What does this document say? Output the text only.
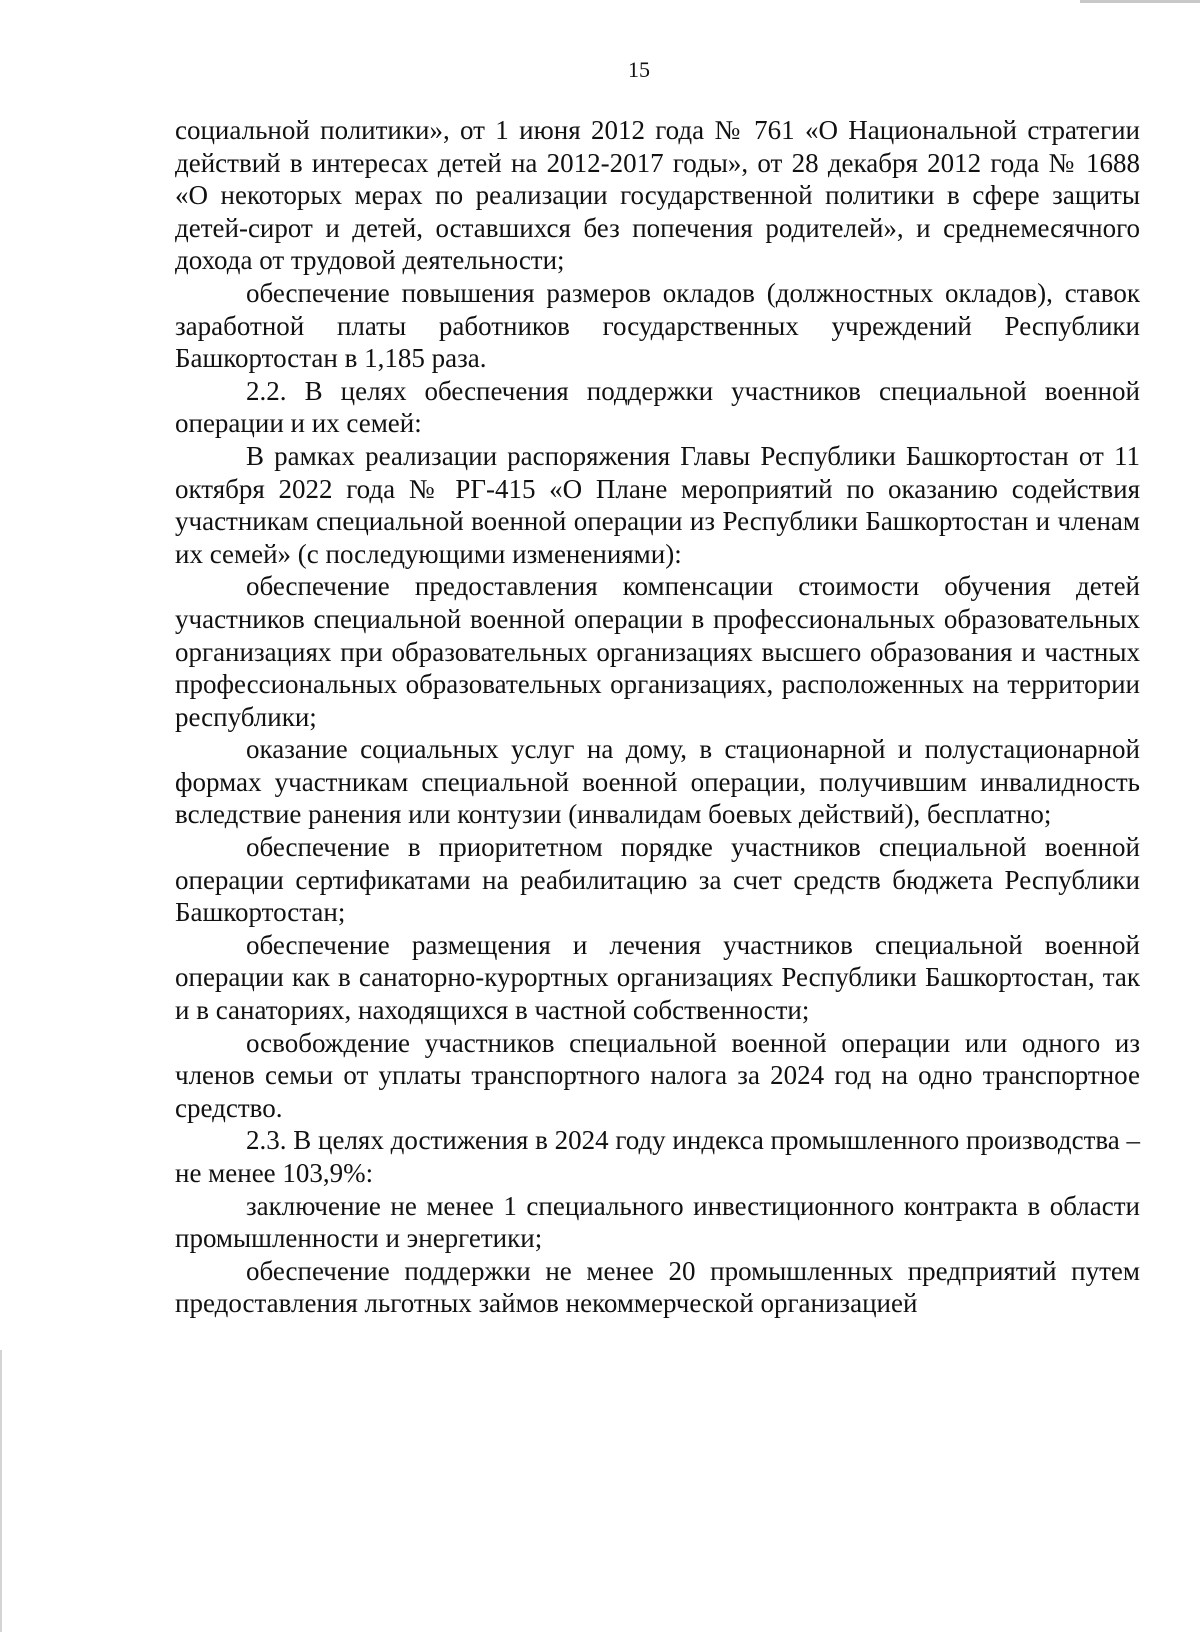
15

социальной политики», от 1 июня 2012 года № 761 «О Национальной стратегии действий в интересах детей на 2012-2017 годы», от 28 декабря 2012 года № 1688 «О некоторых мерах по реализации государственной политики в сфере защиты детей-сирот и детей, оставшихся без попечения родителей», и среднемесячного дохода от трудовой деятельности;

обеспечение повышения размеров окладов (должностных окладов), ставок заработной платы работников государственных учреждений Республики Башкортостан в 1,185 раза.

2.2. В целях обеспечения поддержки участников специальной военной операции и их семей:

В рамках реализации распоряжения Главы Республики Башкортостан от 11 октября 2022 года № РГ-415 «О Плане мероприятий по оказанию содействия участникам специальной военной операции из Республики Башкортостан и членам их семей» (с последующими изменениями):

обеспечение предоставления компенсации стоимости обучения детей участников специальной военной операции в профессиональных образовательных организациях при образовательных организациях высшего образования и частных профессиональных образовательных организациях, расположенных на территории республики;

оказание социальных услуг на дому, в стационарной и полустационарной формах участникам специальной военной операции, получившим инвалидность вследствие ранения или контузии (инвалидам боевых действий), бесплатно;

обеспечение в приоритетном порядке участников специальной военной операции сертификатами на реабилитацию за счет средств бюджета Республики Башкортостан;

обеспечение размещения и лечения участников специальной военной операции как в санаторно-курортных организациях Республики Башкортостан, так и в санаториях, находящихся в частной собственности;

освобождение участников специальной военной операции или одного из членов семьи от уплаты транспортного налога за 2024 год на одно транспортное средство.

2.3. В целях достижения в 2024 году индекса промышленного производства – не менее 103,9%:

заключение не менее 1 специального инвестиционного контракта в области промышленности и энергетики;

обеспечение поддержки не менее 20 промышленных предприятий путем предоставления льготных займов некоммерческой организацией
